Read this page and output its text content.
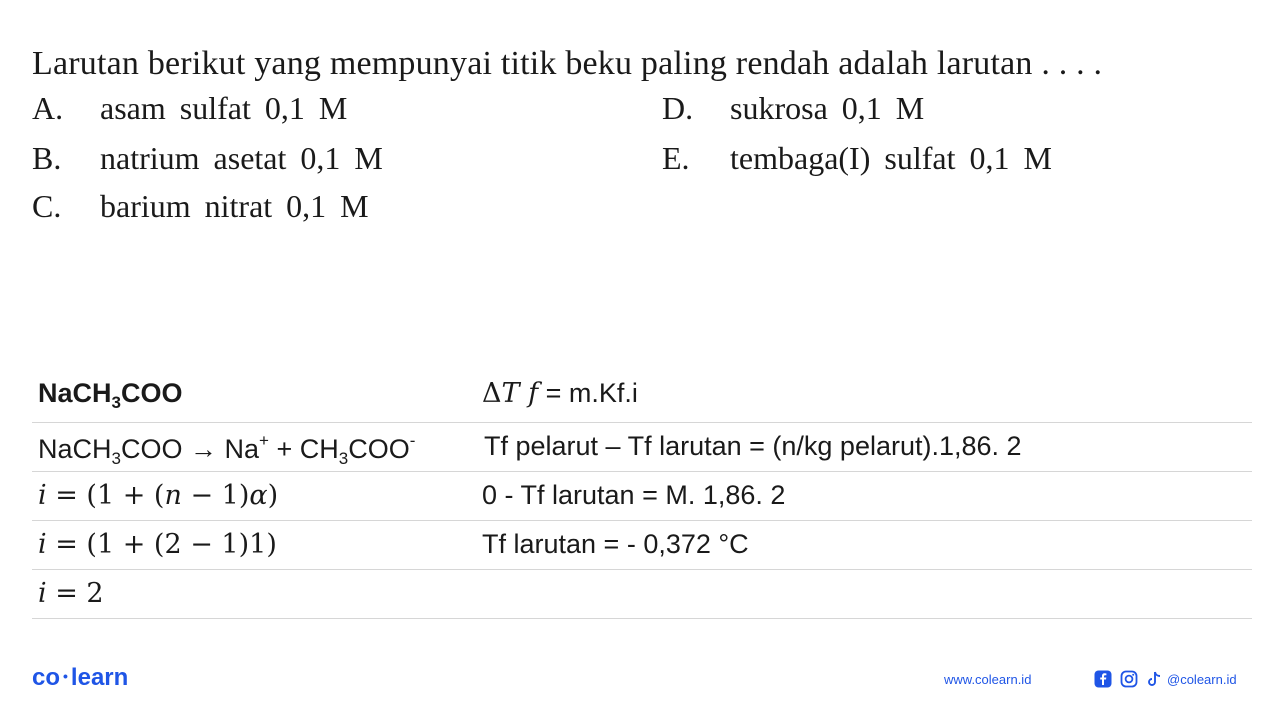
Larutan berikut yang mempunyai titik beku paling rendah adalah larutan . . . .
A. asam sulfat 0,1 M
B. natrium asetat 0,1 M
C. barium nitrat 0,1 M
D. sukrosa 0,1 M
E. tembaga(I) sulfat 0,1 M
NaCH$_3$COO	ΔT f = m.Kf.i
NaCH$_3$COO → $Na^+ + CH_3COO^-$	Tf pelarut – Tf larutan = (n/kg pelarut).1,86. 2
i = (1 + (n − 1)α)	0 - Tf larutan = M. 1,86. 2
i = (1 + (2 − 1)1)	Tf larutan = - 0,372 °C
i = 2
co • learn	www.colearn.id	@colearn.id
